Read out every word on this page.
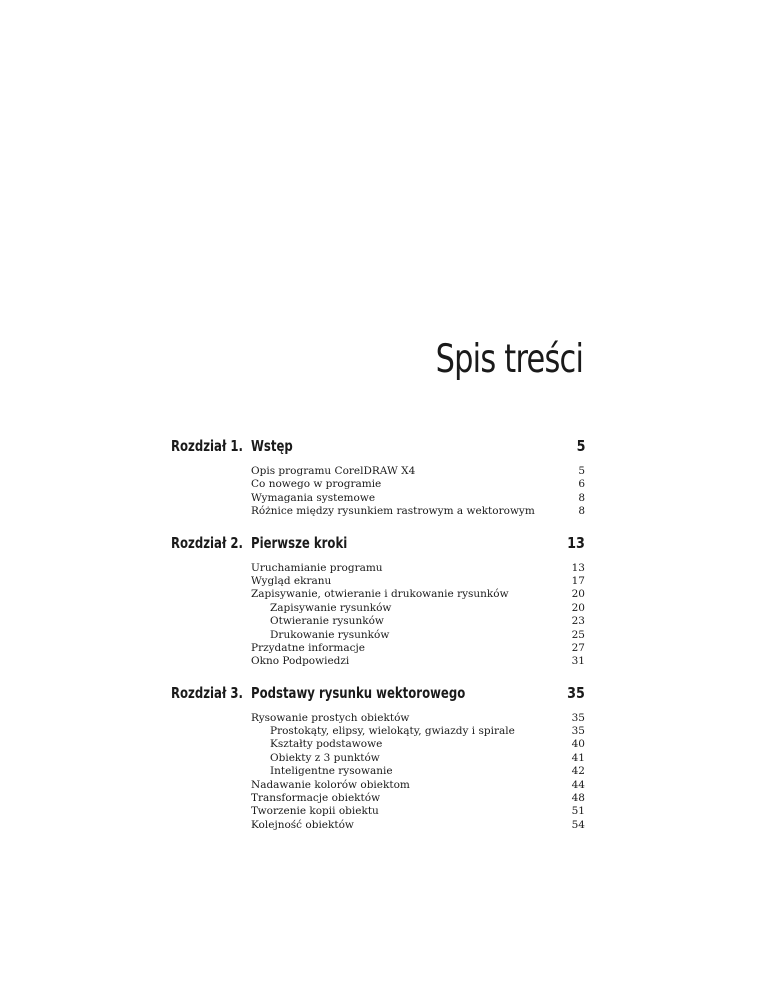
Spis treści
Rozdział 1. Wstęp	5
Opis programu CorelDRAW X4	5
Co nowego w programie	6
Wymagania systemowe	8
Różnice między rysunkiem rastrowym a wektorowym	8
Rozdział 2. Pierwsze kroki	13
Uruchamianie programu	13
Wygląd ekranu	17
Zapisywanie, otwieranie i drukowanie rysunków	20
Zapisywanie rysunków	20
Otwieranie rysunków	23
Drukowanie rysunków	25
Przydatne informacje	27
Okno Podpowiedzi	31
Rozdział 3. Podstawy rysunku wektorowego	35
Rysowanie prostych obiektów	35
Prostokąty, elipsy, wielokąty, gwiazdy i spirale	35
Kształty podstawowe	40
Obiekty z 3 punktów	41
Inteligentne rysowanie	42
Nadawanie kolorów obiektom	44
Transformacje obiektów	48
Tworzenie kopii obiektu	51
Kolejność obiektów	54
